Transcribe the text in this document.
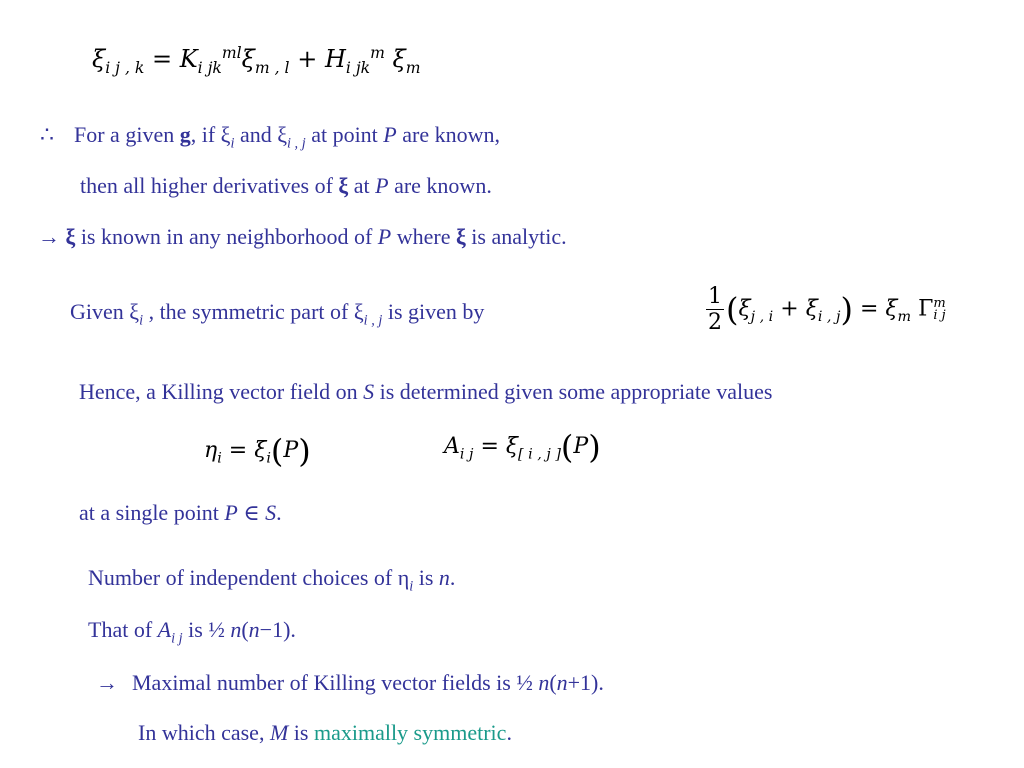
$\xi_{i j , k} = K_{i jk}^{ml}\xi_{m , l} + H_{i jk}^m$ $\xi_m$
∴ For a given g, if $\xi_i$ and $\xi_{i , j}$ at point P are known,
then all higher derivatives of ξ at P are known.
→ ξ is known in any neighborhood of P where ξ is analytic.
Given $\xi_i$ , the symmetric part of $\xi_{i , j}$ is given by	$\frac{1}{2} (\xi_{j , i} + \xi_{i , j}) = \xi_m$ Γ m
i j
Hence, a Killing vector field on S is determined given some appropriate values
$\eta_i = \xi_i(P)$	$A_{i j} = \xi_{[ i , j ]}(P)$
at a single point P ∈ S.
Number of independent choices of $\eta_i$ is n.
That of $A_{i j}$ is ½ n(n−1).
→ Maximal number of Killing vector fields is ½ n(n+1).
In which case, M is maximally symmetric.
